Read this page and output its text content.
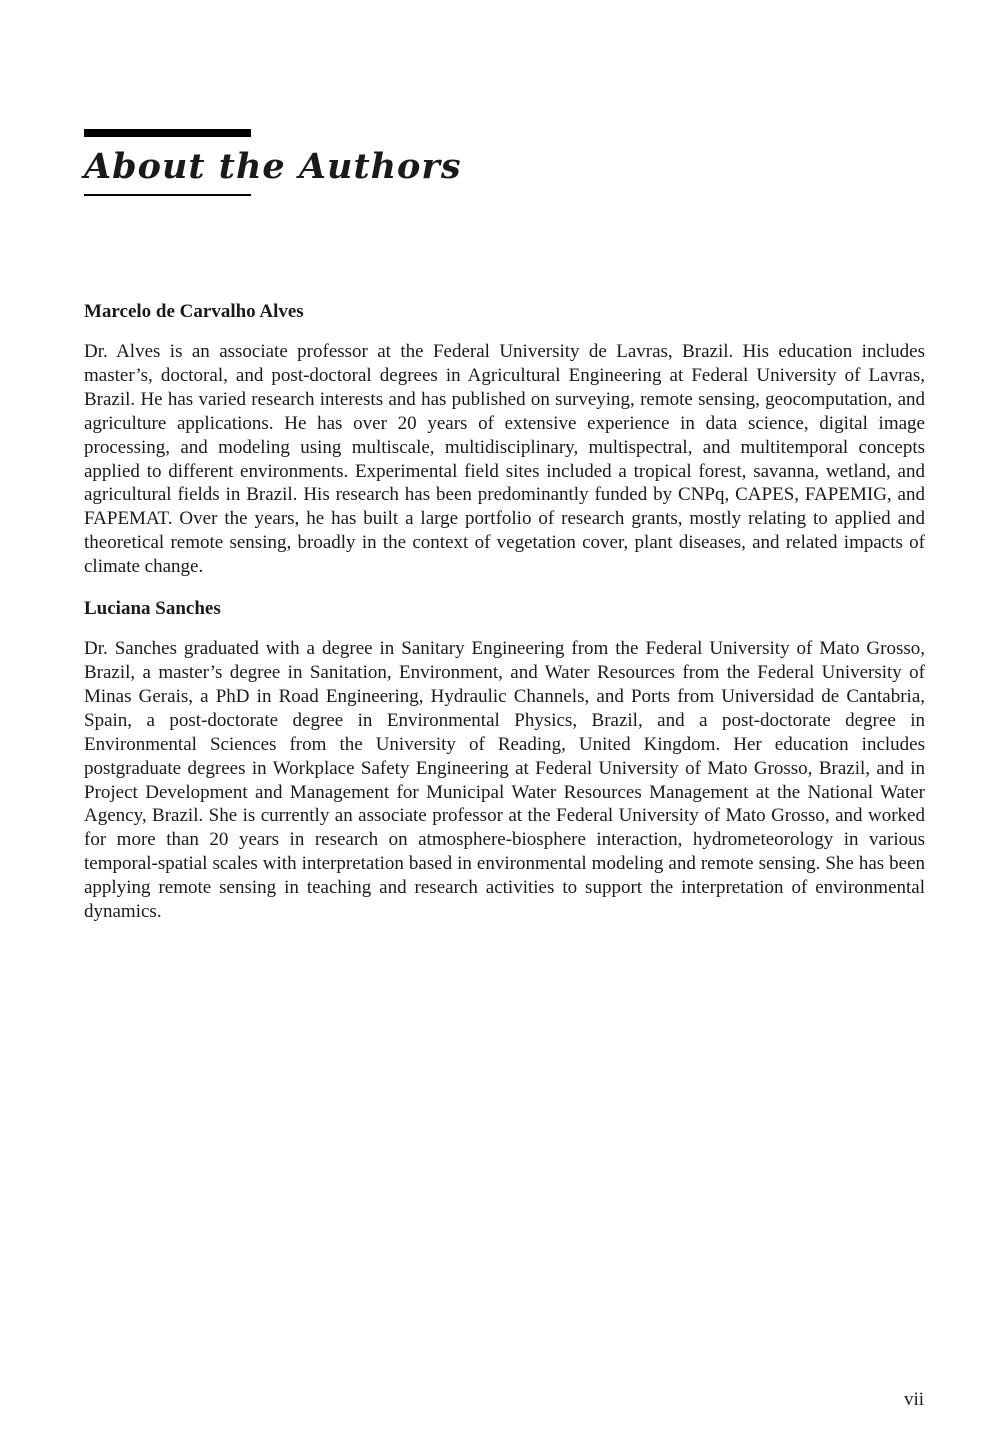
About the Authors
Marcelo de Carvalho Alves

Dr. Alves is an associate professor at the Federal University de Lavras, Brazil. His education includes master’s, doctoral, and post-doctoral degrees in Agricultural Engineering at Federal University of Lavras, Brazil. He has varied research interests and has published on surveying, remote sensing, geocomputation, and agriculture applications. He has over 20 years of extensive experience in data science, digital image processing, and modeling using multiscale, multidisciplinary, multispectral, and multitemporal concepts applied to different environments. Experimental field sites included a tropical forest, savanna, wetland, and agricultural fields in Brazil. His research has been predominantly funded by CNPq, CAPES, FAPEMIG, and FAPEMAT. Over the years, he has built a large portfolio of research grants, mostly relating to applied and theoretical remote sensing, broadly in the context of vegetation cover, plant diseases, and related impacts of climate change.

Luciana Sanches

Dr. Sanches graduated with a degree in Sanitary Engineering from the Federal University of Mato Grosso, Brazil, a master’s degree in Sanitation, Environment, and Water Resources from the Federal University of Minas Gerais, a PhD in Road Engineering, Hydraulic Channels, and Ports from Universidad de Cantabria, Spain, a post-doctorate degree in Environmental Physics, Brazil, and a post-doctorate degree in Environmental Sciences from the University of Reading, United Kingdom. Her education includes postgraduate degrees in Workplace Safety Engineering at Federal University of Mato Grosso, Brazil, and in Project Development and Management for Municipal Water Resources Management at the National Water Agency, Brazil. She is currently an associate professor at the Federal University of Mato Grosso, and worked for more than 20 years in research on atmosphere-biosphere interaction, hydrometeorology in various temporal-spatial scales with interpretation based in environmental modeling and remote sensing. She has been applying remote sensing in teaching and research activities to support the interpretation of environmental dynamics.

vii
